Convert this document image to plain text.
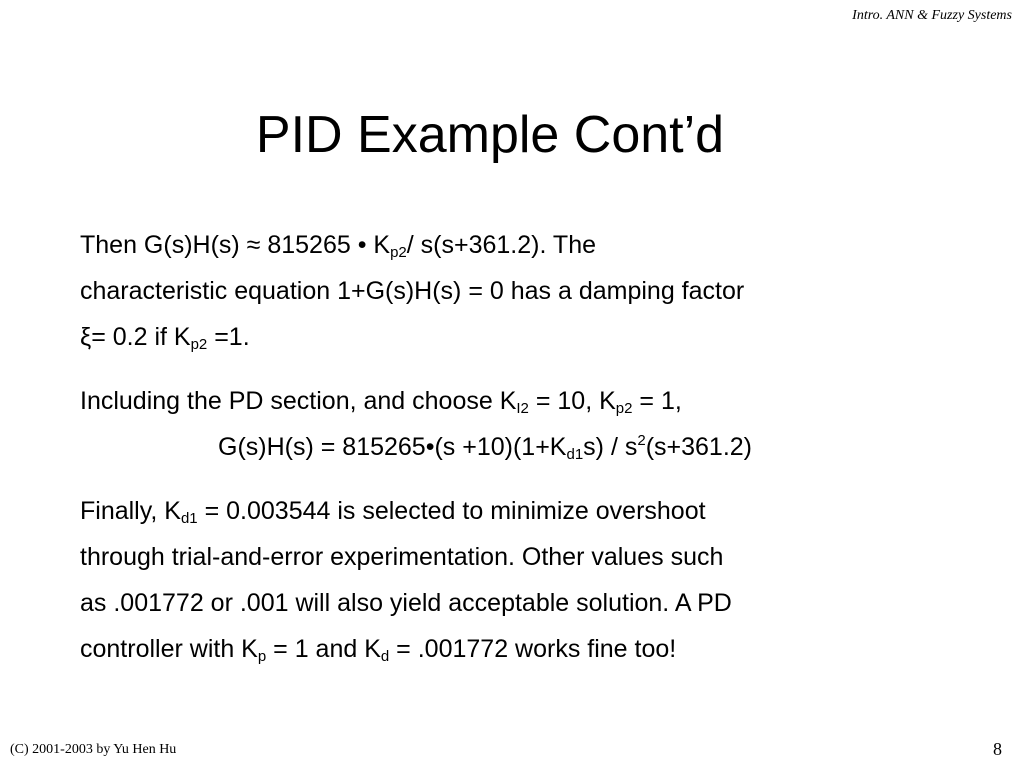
Intro. ANN & Fuzzy Systems
PID Example Cont’d
Then G(s)H(s) ≈ 815265 • $K_{p2}/$ s(s+361.2). The
characteristic equation 1+G(s)H(s) = 0 has a damping factor
ξ= 0.2 if $K_{p2} =1$.
Including the PD section, and choose $K_{I2} = 10$, $K_{p2} = 1$,
G(s)H(s) = 815265•(s $+10)(1+K_{d1}s) / s^2(s+361.2)$
Finally, $K_{d1} = 0.003544$ is selected to minimize overshoot
through trial-and-error experimentation. Other values such
as .001772 or .001 will also yield acceptable solution. A PD
controller with $K_p = 1$ and $K_d = .001772$ works fine too!
(C) 2001-2003 by Yu Hen Hu	8
